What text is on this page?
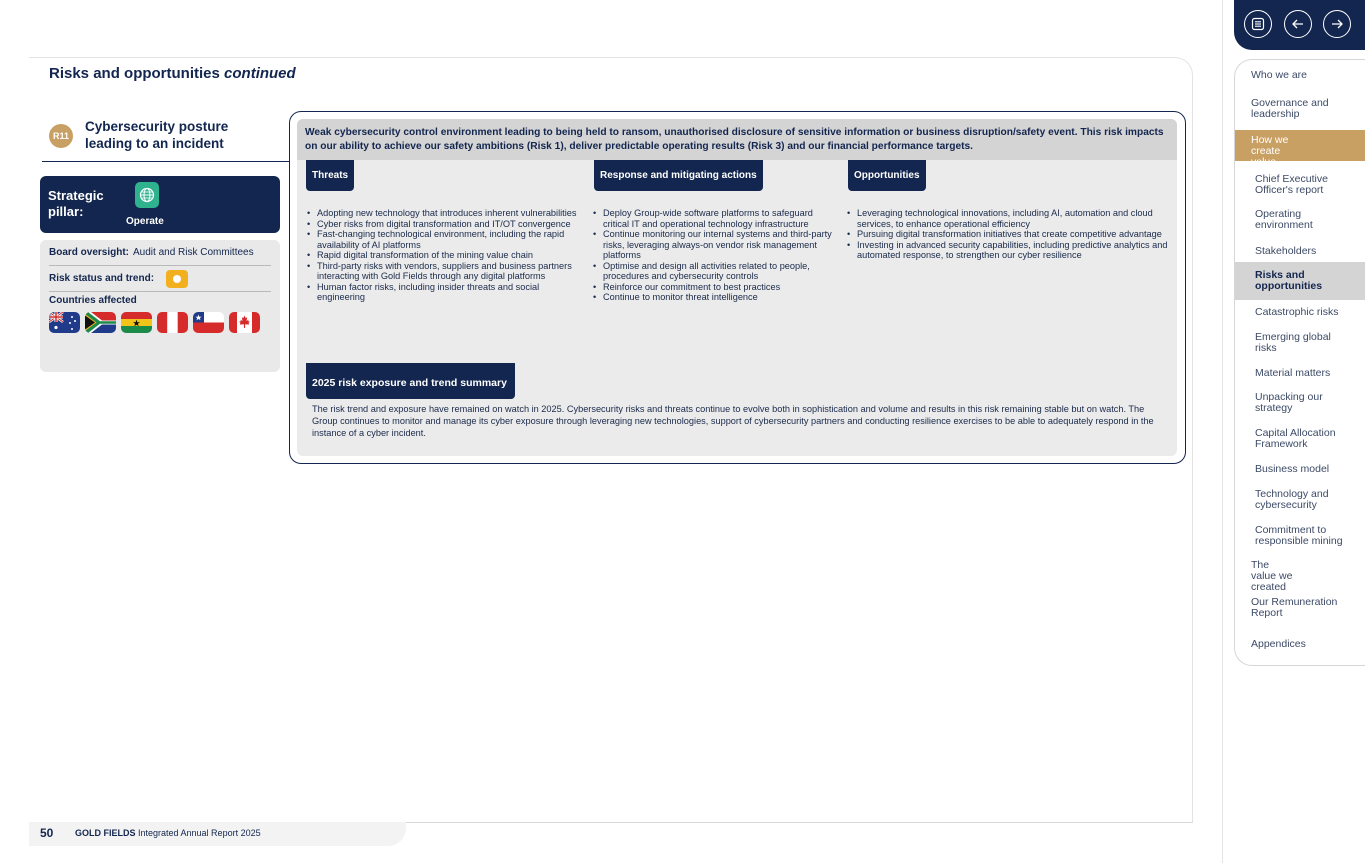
Risks and opportunities continued
R11
Cybersecurity posture leading to an incident
Strategic pillar:
Operate
Board oversight: Audit and Risk Committees
Risk status and trend:
Countries affected
Weak cybersecurity control environment leading to being held to ransom, unauthorised disclosure of sensitive information or business disruption/safety event. This risk impacts on our ability to achieve our safety ambitions (Risk 1), deliver predictable operating results (Risk 3) and our financial performance targets.
Threats
• Adopting new technology that introduces inherent vulnerabilities
• Cyber risks from digital transformation and IT/OT convergence
• Fast-changing technological environment, including the rapid availability of AI platforms
• Rapid digital transformation of the mining value chain
• Third-party risks with vendors, suppliers and business partners interacting with Gold Fields through any digital platforms
• Human factor risks, including insider threats and social engineering
Response and mitigating actions
• Deploy Group-wide software platforms to safeguard critical IT and operational technology infrastructure
• Continue monitoring our internal systems and third-party risks, leveraging always-on vendor risk management platforms
• Optimise and design all activities related to people, procedures and cybersecurity controls
• Reinforce our commitment to best practices
• Continue to monitor threat intelligence
Opportunities
• Leveraging technological innovations, including AI, automation and cloud services, to enhance operational efficiency
• Pursuing digital transformation initiatives that create competitive advantage
• Investing in advanced security capabilities, including predictive analytics and automated response, to strengthen our cyber resilience
2025 risk exposure and trend summary
The risk trend and exposure have remained on watch in 2025. Cybersecurity risks and threats continue to evolve both in sophistication and volume and results in this risk remaining stable but on watch. The Group continues to monitor and manage its cyber exposure through leveraging new technologies, support of cybersecurity partners and conducting resilience exercises to be able to adequately respond in the instance of a cyber incident.
50 GOLD FIELDS Integrated Annual Report 2025
Who we are
Governance and leadership
How we create value
Chief Executive Officer's report
Operating environment
Stakeholders
Risks and opportunities
Catastrophic risks
Emerging global risks
Material matters
Unpacking our strategy
Capital Allocation Framework
Business model
Technology and cybersecurity
Commitment to responsible mining
The value we created
Our Remuneration Report
Appendices
